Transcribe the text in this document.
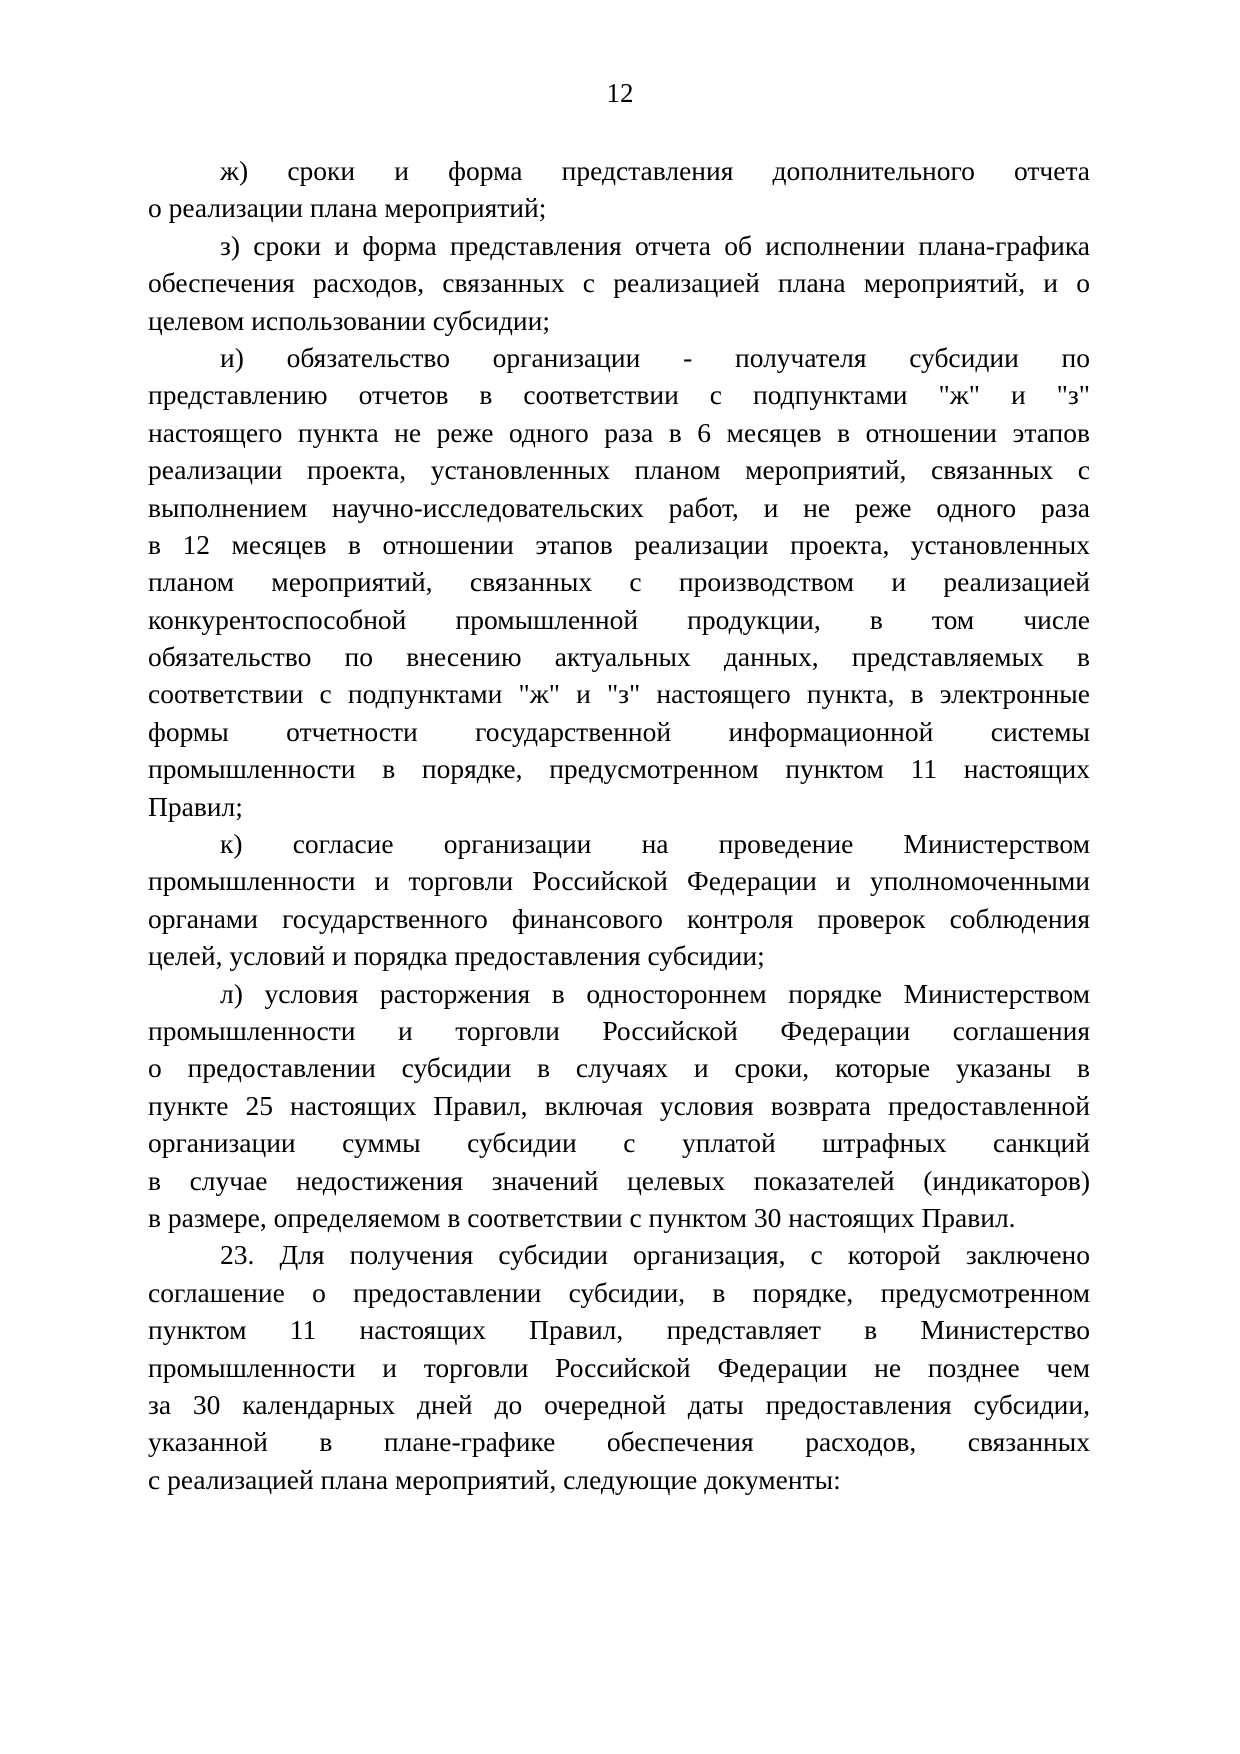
12
ж) сроки и форма представления дополнительного отчета
о реализации плана мероприятий;
з) сроки и форма представления отчета об исполнении плана-графика
обеспечения расходов, связанных с реализацией плана мероприятий, и о
целевом использовании субсидии;
и) обязательство организации - получателя субсидии по
представлению отчетов в соответствии с подпунктами "ж" и "з"
настоящего пункта не реже одного раза в 6 месяцев в отношении этапов
реализации проекта, установленных планом мероприятий, связанных с
выполнением научно-исследовательских работ, и не реже одного раза
в 12 месяцев в отношении этапов реализации проекта, установленных
планом мероприятий, связанных с производством и реализацией
конкурентоспособной промышленной продукции, в том числе
обязательство по внесению актуальных данных, представляемых в
соответствии с подпунктами "ж" и "з" настоящего пункта, в электронные
формы отчетности государственной информационной системы
промышленности в порядке, предусмотренном пунктом 11 настоящих
Правил;
к) согласие организации на проведение Министерством
промышленности и торговли Российской Федерации и уполномоченными
органами государственного финансового контроля проверок соблюдения
целей, условий и порядка предоставления субсидии;
л) условия расторжения в одностороннем порядке Министерством
промышленности и торговли Российской Федерации соглашения
о предоставлении субсидии в случаях и сроки, которые указаны в
пункте 25 настоящих Правил, включая условия возврата предоставленной
организации суммы субсидии с уплатой штрафных санкций
в случае недостижения значений целевых показателей (индикаторов)
в размере, определяемом в соответствии с пунктом 30 настоящих Правил.
23. Для получения субсидии организация, с которой заключено
соглашение о предоставлении субсидии, в порядке, предусмотренном
пунктом 11 настоящих Правил, представляет в Министерство
промышленности и торговли Российской Федерации не позднее чем
за 30 календарных дней до очередной даты предоставления субсидии,
указанной в плане-графике обеспечения расходов, связанных
с реализацией плана мероприятий, следующие документы:
